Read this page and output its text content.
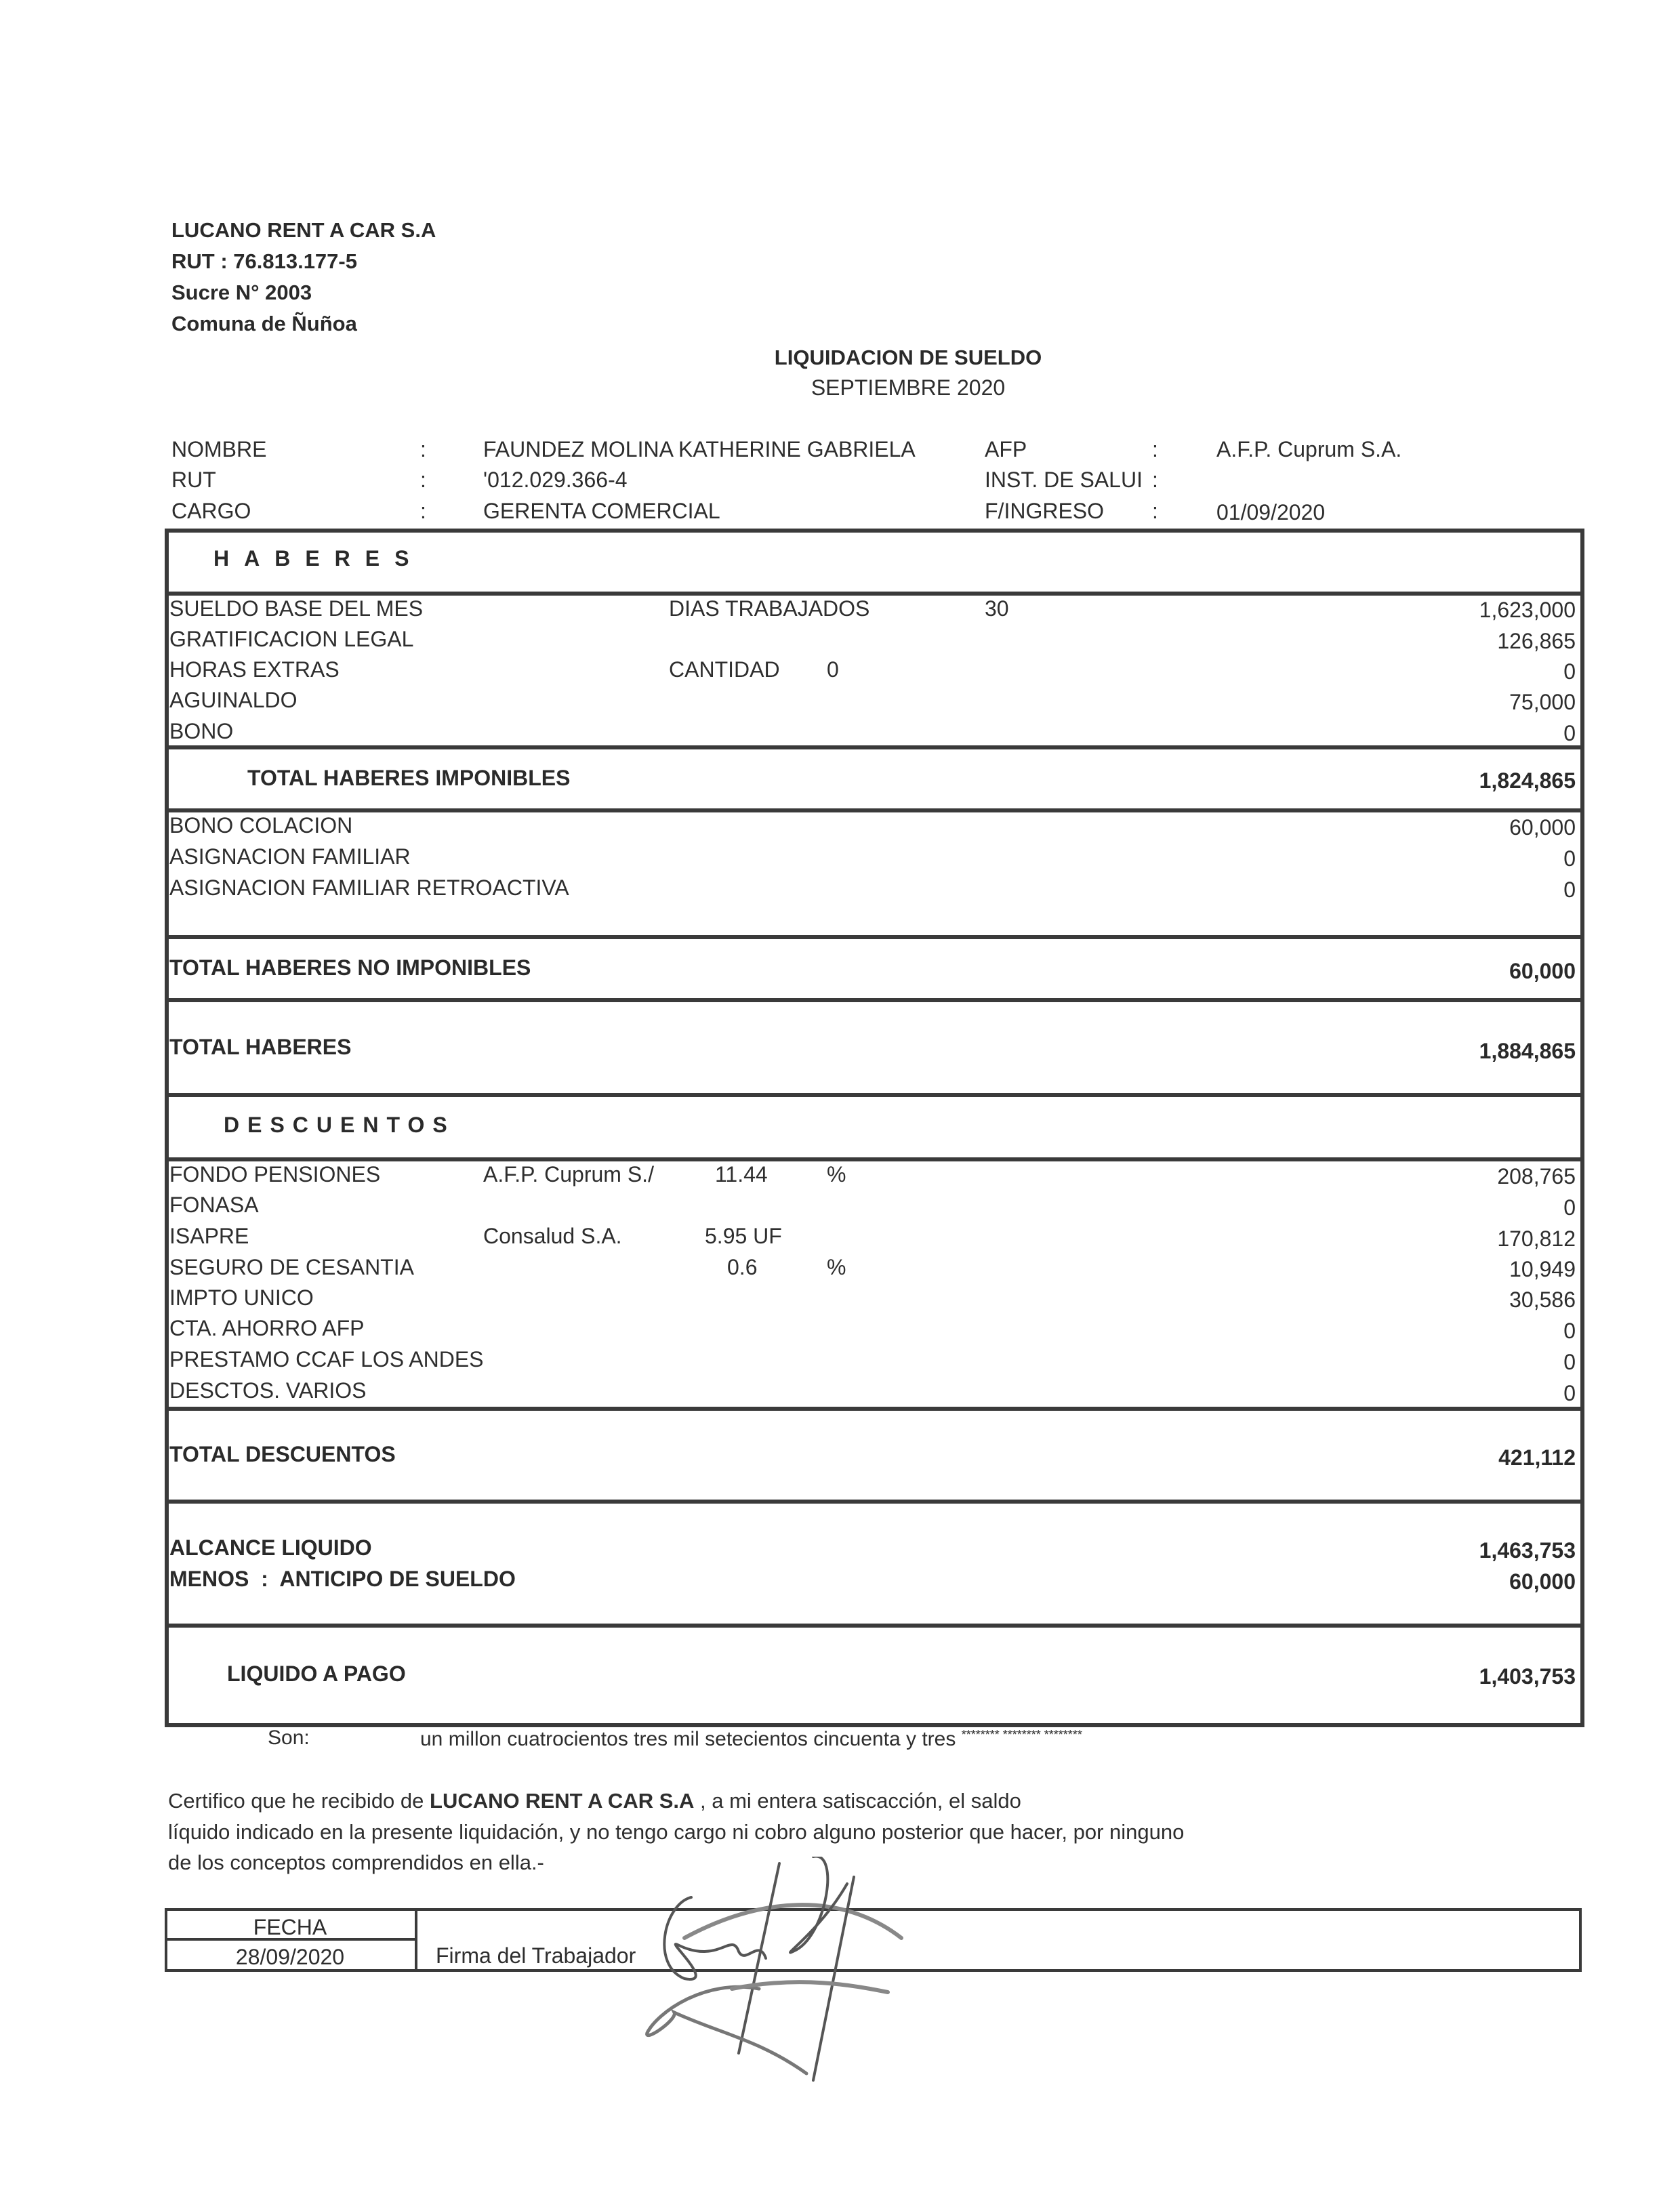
LUCANO RENT A CAR S.A
RUT : 76.813.177-5
Sucre N° 2003
Comuna de Ñuñoa
LIQUIDACION DE SUELDO
SEPTIEMBRE 2020
NOMBRE	:	FAUNDEZ MOLINA KATHERINE GABRIELA	AFP	:	A.F.P. Cuprum S.A.
RUT	:	'012.029.366-4	INST. DE SALUI :
CARGO	:	GERENTA COMERCIAL	F/INGRESO :	01/09/2020
HABERES
SUELDO BASE DEL MES	DIAS TRABAJADOS	30	1,623,000
GRATIFICACION LEGAL	126,865
HORAS EXTRAS	CANTIDAD 0	0
AGUINALDO	75,000
BONO	0
TOTAL HABERES IMPONIBLES	1,824,865
BONO COLACION	60,000
ASIGNACION FAMILIAR	0
ASIGNACION FAMILIAR RETROACTIVA	0
TOTAL HABERES NO IMPONIBLES	60,000
TOTAL HABERES	1,884,865
DESCUENTOS
FONDO PENSIONES	A.F.P. Cuprum S./	11.44	%	208,765
FONASA	0
ISAPRE	Consalud S.A.	5.95 UF	170,812
SEGURO DE CESANTIA	0.6	%	10,949
IMPTO UNICO	30,586
CTA. AHORRO AFP	0
PRESTAMO CCAF LOS ANDES	0
DESCTOS. VARIOS	0
TOTAL DESCUENTOS	421,112
ALCANCE LIQUIDO	1,463,753
MENOS  :  ANTICIPO DE SUELDO	60,000
LIQUIDO A PAGO	1,403,753
Son:	un millon cuatrocientos tres mil setecientos cincuenta y tres ******** ******** ********
Certifico que he recibido de LUCANO RENT A CAR S.A , a mi entera satiscacción, el saldo
líquido indicado en la presente liquidación, y no tengo cargo ni cobro alguno posterior que hacer, por ninguno
de los conceptos comprendidos en ella.-
FECHA
28/09/2020	Firma del Trabajador
